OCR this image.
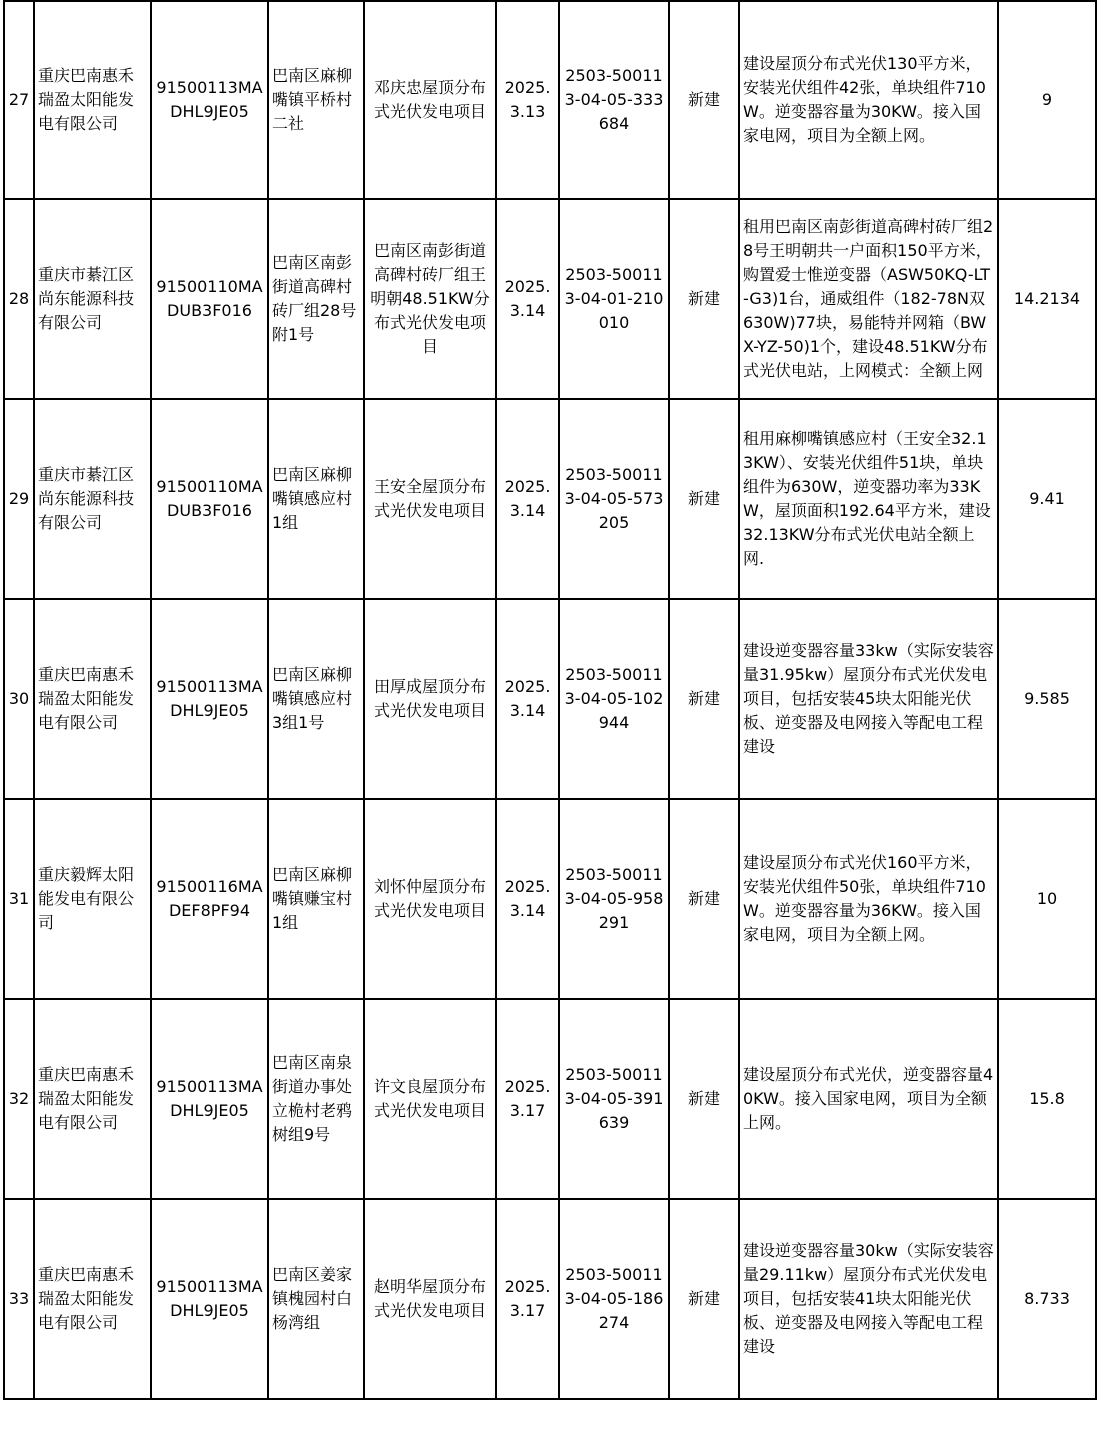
27	重庆巴南惠禾瑞盈太阳能发电有限公司	91500113MADHL9JE05	巴南区麻柳嘴镇平桥村二社	邓庆忠屋顶分布式光伏发电项目	2025.3.13	2503-500113-04-05-333684	新建	建设屋顶分布式光伏130平方米，安装光伏组件42张，单块组件710W。逆变器容量为30KW。接入国家电网，项目为全额上网。	9
28	重庆市綦江区尚东能源科技有限公司	91500110MADUB3F016	巴南区南彭街道高碑村砖厂组28号附1号	巴南区南彭街道高碑村砖厂组王明朝48.51KW分布式光伏发电项目	2025.3.14	2503-500113-04-01-210010	新建	租用巴南区南彭街道高碑村砖厂组28号王明朝共一户面积150平方米，购置爱士惟逆变器（ASW50KQ-LT-G3)1台，通威组件（182-78N双630W)77块，易能特并网箱（BWX-YZ-50)1个，建设48.51KW分布式光伏电站，上网模式：全额上网	14.2134
29	重庆市綦江区尚东能源科技有限公司	91500110MADUB3F016	巴南区麻柳嘴镇感应村1组	王安全屋顶分布式光伏发电项目	2025.3.14	2503-500113-04-05-573205	新建	租用麻柳嘴镇感应村（王安全32.13KW）、安装光伏组件51块，单块组件为630W，逆变器功率为33KW，屋顶面积192.64平方米，建设32.13KW分布式光伏电站全额上网.	9.41
30	重庆巴南惠禾瑞盈太阳能发电有限公司	91500113MADHL9JE05	巴南区麻柳嘴镇感应村3组1号	田厚成屋顶分布式光伏发电项目	2025.3.14	2503-500113-04-05-102944	新建	建设逆变器容量33kw（实际安装容量31.95kw）屋顶分布式光伏发电项目，包括安装45块太阳能光伏板、逆变器及电网接入等配电工程建设	9.585
31	重庆毅辉太阳能发电有限公司	91500116MADEF8PF94	巴南区麻柳嘴镇赚宝村1组	刘怀仲屋顶分布式光伏发电项目	2025.3.14	2503-500113-04-05-958291	新建	建设屋顶分布式光伏160平方米，安装光伏组件50张，单块组件710W。逆变器容量为36KW。接入国家电网，项目为全额上网。	10
32	重庆巴南惠禾瑞盈太阳能发电有限公司	91500113MADHL9JE05	巴南区南泉街道办事处立桅村老鸦 树组9号	许文良屋顶分布式光伏发电项目	2025.3.17	2503-500113-04-05-391639	新建	建设屋顶分布式光伏，逆变器容量40KW。接入国家电网，项目为全额上网。	15.8
33	重庆巴南惠禾瑞盈太阳能发电有限公司	91500113MADHL9JE05	巴南区姜家镇槐园村白杨湾组	赵明华屋顶分布式光伏发电项目	2025.3.17	2503-500113-04-05-186274	新建	建设逆变器容量30kw（实际安装容量29.11kw）屋顶分布式光伏发电项目，包括安装41块太阳能光伏板、逆变器及电网接入等配电工程建设	8.733
